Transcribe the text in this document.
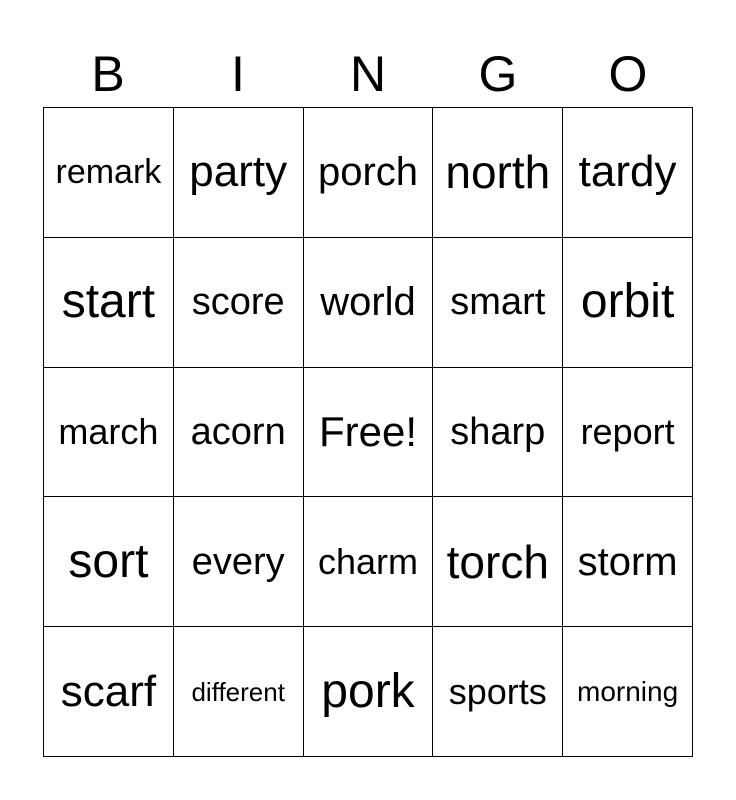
B	I	N	G	O
remark party porch north tardy
start score world smart orbit
march acorn Free! sharp report
sort	every charm torch storm
scarf	different pork sports	morning
